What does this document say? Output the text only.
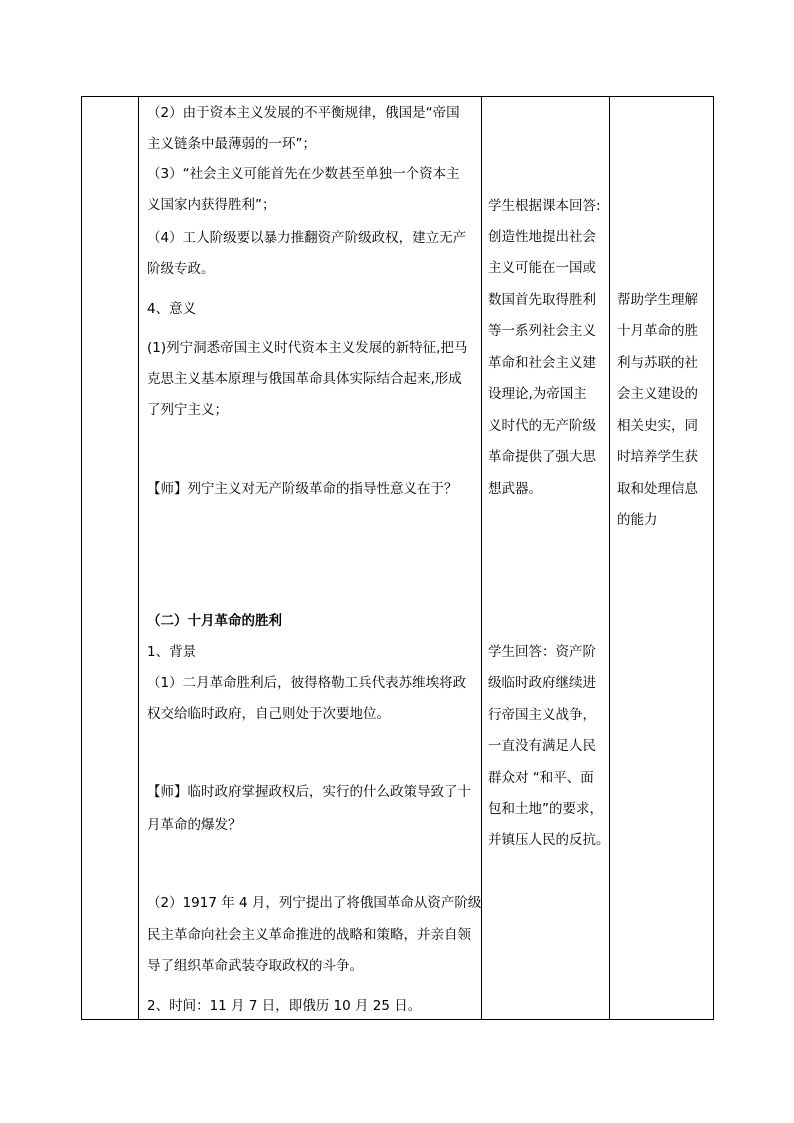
（2）由于资本主义发展的不平衡规律，俄国是“帝国

主义链条中最薄弱的一环”；

（3）“社会主义可能首先在少数甚至单独一个资本主

义国家内获得胜利”；

（4）工人阶级要以暴力推翻资产阶级政权，建立无产

阶级专政。

4、意义

(1)列宁洞悉帝国主义时代资本主义发展的新特征,把马

克思主义基本原理与俄国革命具体实际结合起来,形成

了列宁主义；

【师】列宁主义对无产阶级革命的指导性意义在于？

（二）十月革命的胜利

1、背景

（1）二月革命胜利后，彼得格勒工兵代表苏维埃将政

权交给临时政府，自己则处于次要地位。

【师】临时政府掌握政权后，实行的什么政策导致了十

月革命的爆发？

（2）1917 年 4 月，列宁提出了将俄国革命从资产阶级

民主革命向社会主义革命推进的战略和策略，并亲自领

导了组织革命武装夺取政权的斗争。

2、时间：11 月 7 日，即俄历 10 月 25 日。

学生根据课本回答:

创造性地提出社会

主义可能在一国或

数国首先取得胜利

等一系列社会主义

革命和社会主义建

设理论,为帝国主

义时代的无产阶级

革命提供了强大思

想武器。

学生回答：资产阶

级临时政府继续进

行帝国主义战争，

一直没有满足人民

群众对 “和平、面

包和土地”的要求，

并镇压人民的反抗。

帮助学生理解

十月革命的胜

利与苏联的社

会主义建设的

相关史实，同

时培养学生获

取和处理信息

的能力
